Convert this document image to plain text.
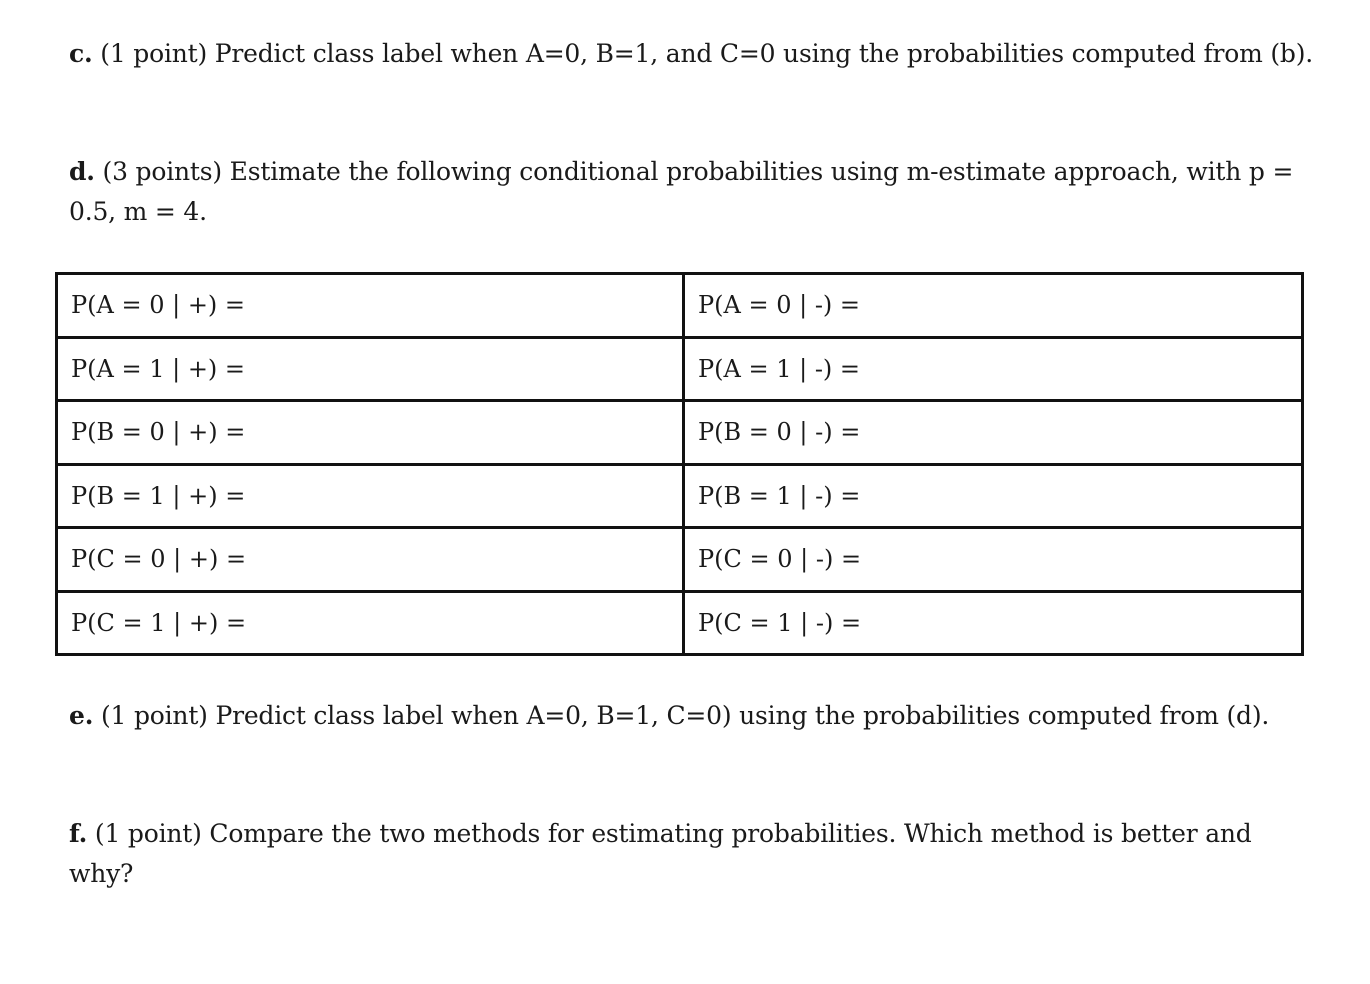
c. (1 point) Predict class label when A=0, B=1, and C=0 using the probabilities computed from (b).

d. (3 points) Estimate the following conditional probabilities using m-estimate approach, with p = 0.5, m = 4.

P(A = 0 | +) =	P(A = 0 | -) =
P(A = 1 | +) =	P(A = 1 | -) =
P(B = 0 | +) =	P(B = 0 | -) =
P(B = 1 | +) =	P(B = 1 | -) =
P(C = 0 | +) =	P(C = 0 | -) =
P(C = 1 | +) =	P(C = 1 | -) =

e. (1 point) Predict class label when A=0, B=1, C=0) using the probabilities computed from (d).

f. (1 point) Compare the two methods for estimating probabilities. Which method is better and why?
